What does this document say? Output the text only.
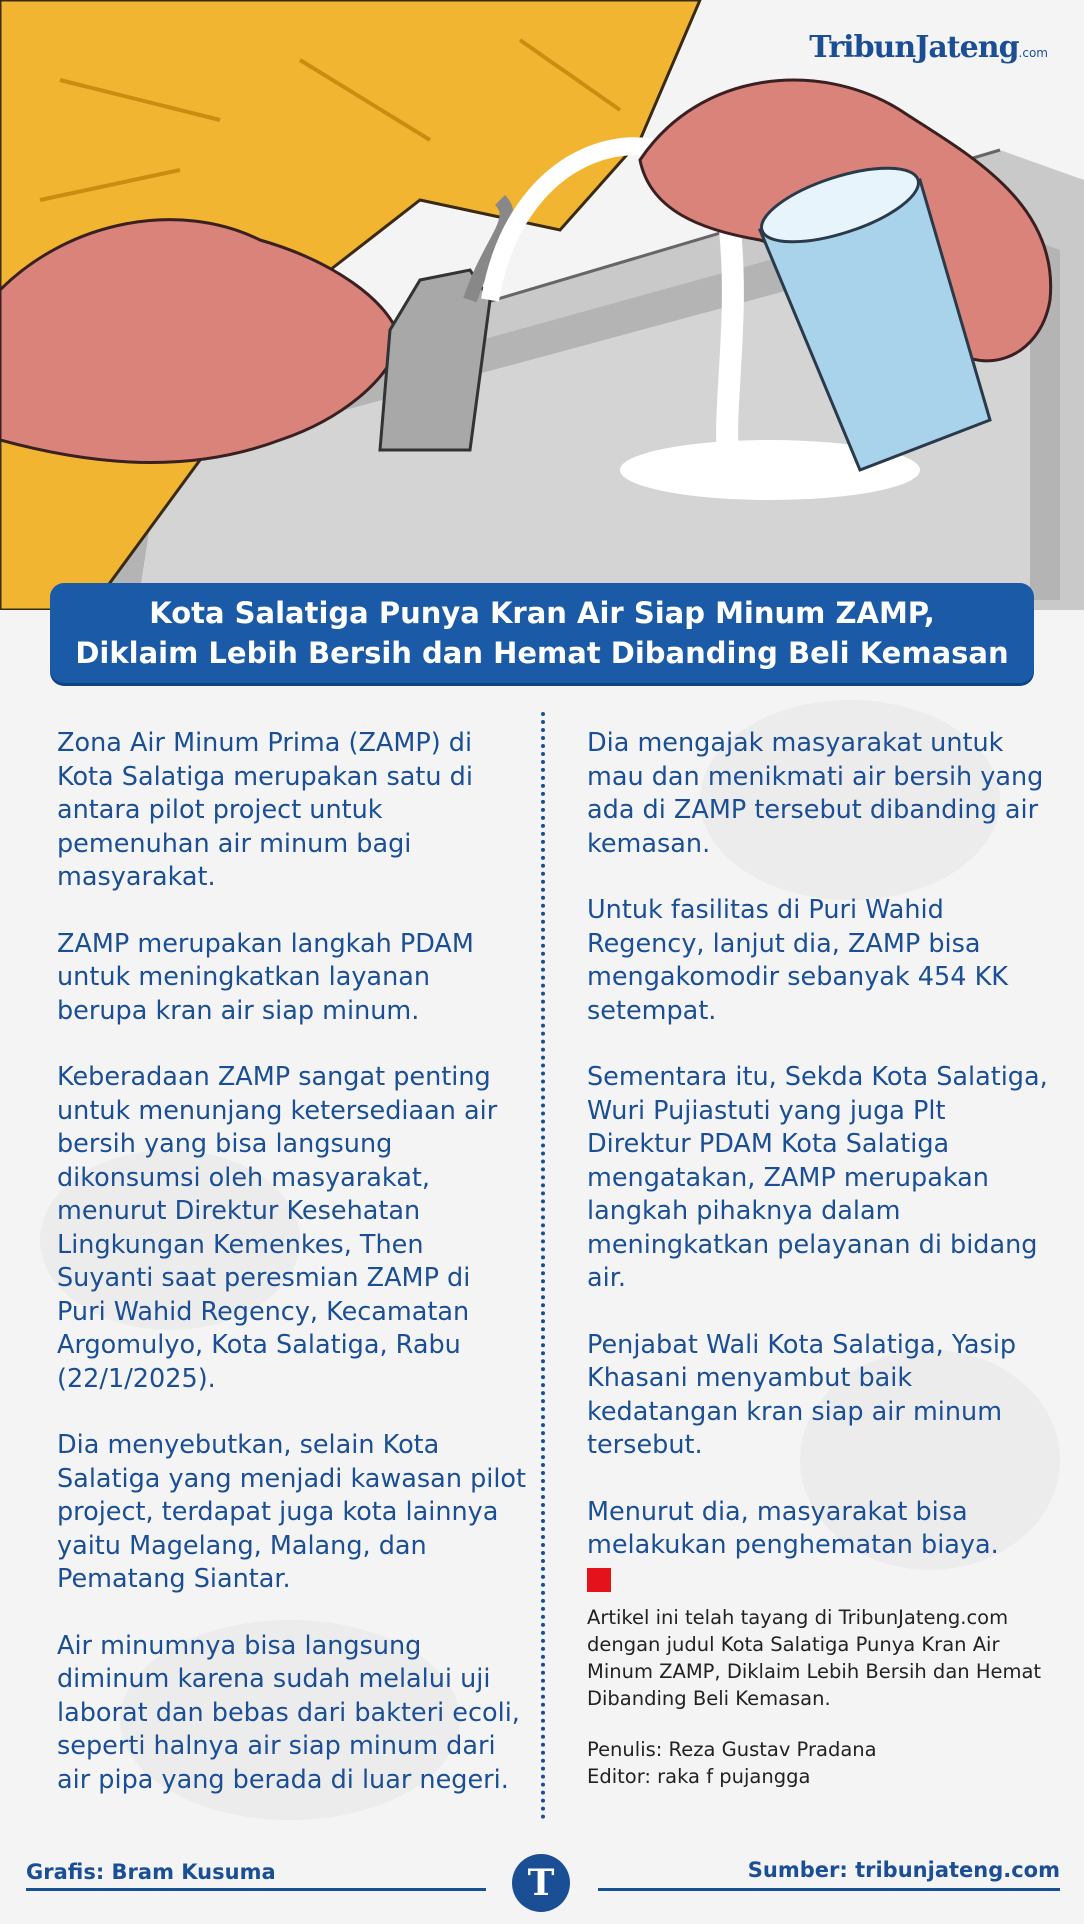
TribunJateng.com
Kota Salatiga Punya Kran Air Siap Minum ZAMP,
Diklaim Lebih Bersih dan Hemat Dibanding Beli Kemasan

Zona Air Minum Prima (ZAMP) di Kota Salatiga merupakan satu di antara pilot project untuk pemenuhan air minum bagi masyarakat.

ZAMP merupakan langkah PDAM untuk meningkatkan layanan berupa kran air siap minum.

Keberadaan ZAMP sangat penting untuk menunjang ketersediaan air bersih yang bisa langsung dikonsumsi oleh masyarakat, menurut Direktur Kesehatan Lingkungan Kemenkes, Then Suyanti saat peresmian ZAMP di Puri Wahid Regency, Kecamatan Argomulyo, Kota Salatiga, Rabu (22/1/2025).

Dia menyebutkan, selain Kota Salatiga yang menjadi kawasan pilot project, terdapat juga kota lainnya yaitu Magelang, Malang, dan Pematang Siantar.

Air minumnya bisa langsung diminum karena sudah melalui uji laborat dan bebas dari bakteri ecoli, seperti halnya air siap minum dari air pipa yang berada di luar negeri.

Dia mengajak masyarakat untuk mau dan menikmati air bersih yang ada di ZAMP tersebut dibanding air kemasan.

Untuk fasilitas di Puri Wahid Regency, lanjut dia, ZAMP bisa mengakomodir sebanyak 454 KK setempat.

Sementara itu, Sekda Kota Salatiga, Wuri Pujiastuti yang juga Plt Direktur PDAM Kota Salatiga mengatakan, ZAMP merupakan langkah pihaknya dalam meningkatkan pelayanan di bidang air.

Penjabat Wali Kota Salatiga, Yasip Khasani menyambut baik kedatangan kran siap air minum tersebut.

Menurut dia, masyarakat bisa melakukan penghematan biaya.

Artikel ini telah tayang di TribunJateng.com dengan judul Kota Salatiga Punya Kran Air Minum ZAMP, Diklaim Lebih Bersih dan Hemat Dibanding Beli Kemasan.

Penulis: Reza Gustav Pradana
Editor: raka f pujangga
Grafis: Bram Kusuma	T	Sumber: tribunjateng.com
